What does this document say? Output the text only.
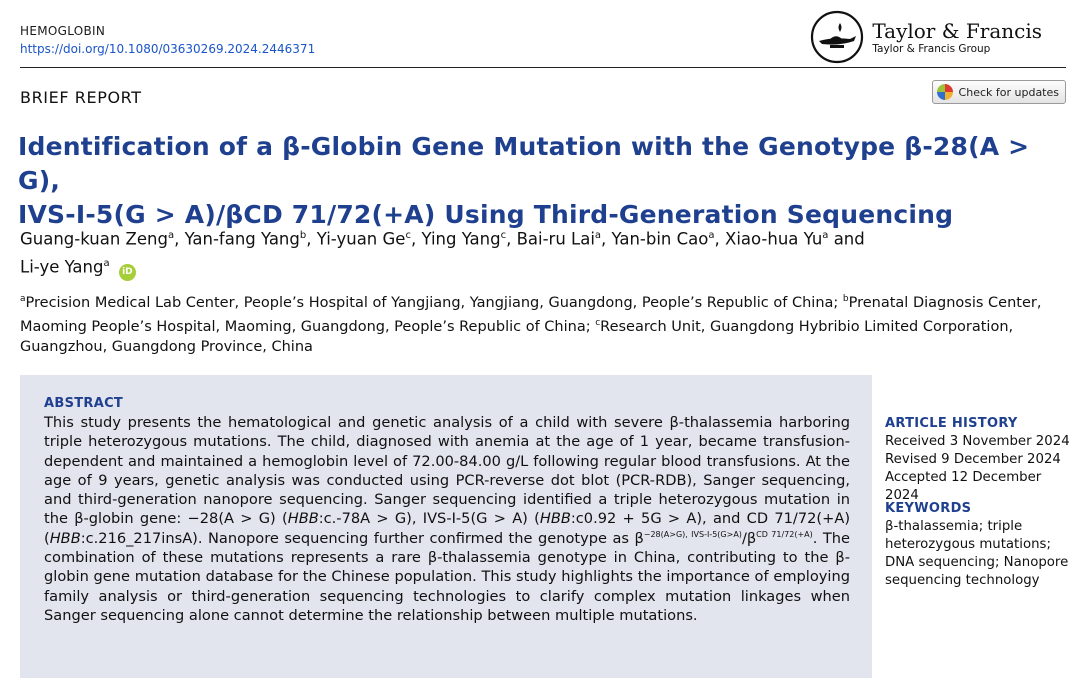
HEMOGLOBIN
https://doi.org/10.1080/03630269.2024.2446371
Taylor & Francis
Taylor & Francis Group
BRIEF REPORT	Check for updates
Identification of a β-Globin Gene Mutation with the Genotype β-28(A > G),
IVS-I-5(G > A)/βCD 71/72(+A) Using Third-Generation Sequencing
Guang-kuan Zeng$^a$, Yan-fang Yang$^b$, Yi-yuan Ge$^c$, Ying Yang$^c$, Bai-ru Lai$^a$, Yan-bin Cao$^a$, Xiao-hua Yu$^a$ and
Li-ye Yang$^a$ iD
$^a$Precision Medical Lab Center, People’s Hospital of Yangjiang, Yangjiang, Guangdong, People’s Republic of China; $^b$Prenatal Diagnosis Center, Maoming People’s Hospital, Maoming, Guangdong, People’s Republic of China; $^c$Research Unit, Guangdong Hybribio Limited Corporation, Guangzhou, Guangdong Province, China
ABSTRACT
This study presents the hematological and genetic analysis of a child with severe β-thalassemia harboring triple heterozygous mutations. The child, diagnosed with anemia at the age of 1 year, became transfusion-dependent and maintained a hemoglobin level of 72.00-84.00 g/L following regular blood transfusions. At the age of 9 years, genetic analysis was conducted using PCR-reverse dot blot (PCR-RDB), Sanger sequencing, and third-generation nanopore sequencing. Sanger sequencing identified a triple heterozygous mutation in the β-globin gene: −28(A > G) (HBB:c.-78A > G), IVS-I-5(G > A) (HBB:c0.92 + 5G > A), and CD 71/72(+A) (HBB:c.216_217insA). Nanopore sequencing further confirmed the genotype as $\beta^{-28(A>G), IVS-I-5(G>A)}/\beta^{CD 71/72(+A)}$. The combination of these mutations represents a rare β-thalassemia genotype in China, contributing to the β-globin gene mutation database for the Chinese population. This study highlights the importance of employing family analysis or third-generation sequencing technologies to clarify complex mutation linkages when Sanger sequencing alone cannot determine the relationship between multiple mutations.
ARTICLE HISTORY
Received 3 November 2024
Revised 9 December 2024
Accepted 12 December 2024
KEYWORDS
β-thalassemia; triple heterozygous mutations; DNA sequencing; Nanopore sequencing technology
